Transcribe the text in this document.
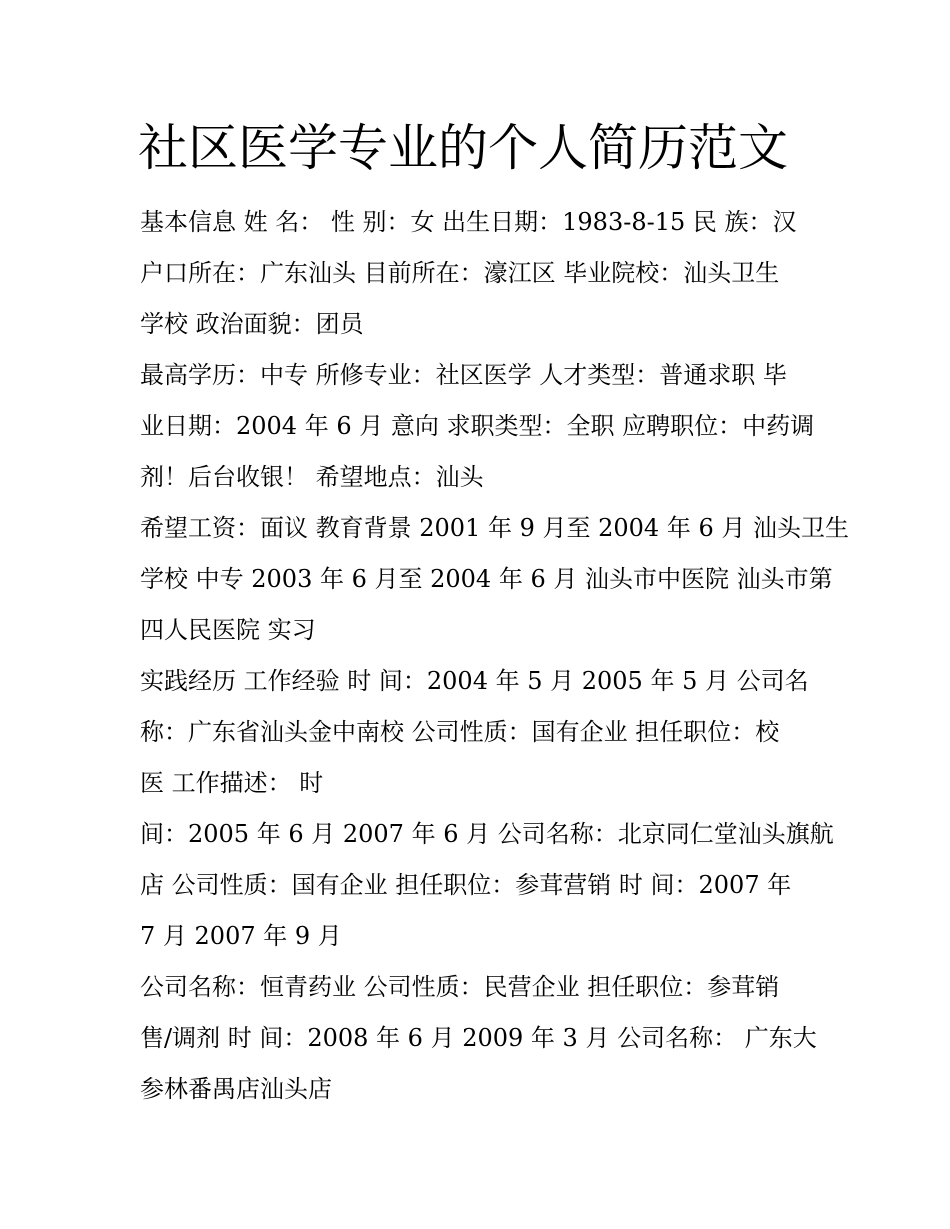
社区医学专业的个人简历范文

基本信息 姓 名： 性 别：女 出生日期：1983-8-15 民 族：汉

户口所在：广东汕头 目前所在：濠江区 毕业院校：汕头卫生

学校 政治面貌：团员

最高学历：中专 所修专业：社区医学 人才类型：普通求职 毕

业日期：2004 年 6 月 意向 求职类型：全职 应聘职位：中药调

剂！后台收银！ 希望地点：汕头

希望工资：面议 教育背景 2001 年 9 月至 2004 年 6 月 汕头卫生

学校 中专 2003 年 6 月至 2004 年 6 月 汕头市中医院 汕头市第

四人民医院 实习

实践经历 工作经验 时 间：2004 年 5 月 2005 年 5 月 公司名

称：广东省汕头金中南校 公司性质：国有企业 担任职位：校

医 工作描述： 时

间：2005 年 6 月 2007 年 6 月 公司名称：北京同仁堂汕头旗航

店 公司性质：国有企业 担任职位：参茸营销 时 间：2007 年

7 月 2007 年 9 月

公司名称：恒青药业 公司性质：民营企业 担任职位：参茸销

售/调剂 时 间：2008 年 6 月 2009 年 3 月 公司名称： 广东大

参林番禺店汕头店
